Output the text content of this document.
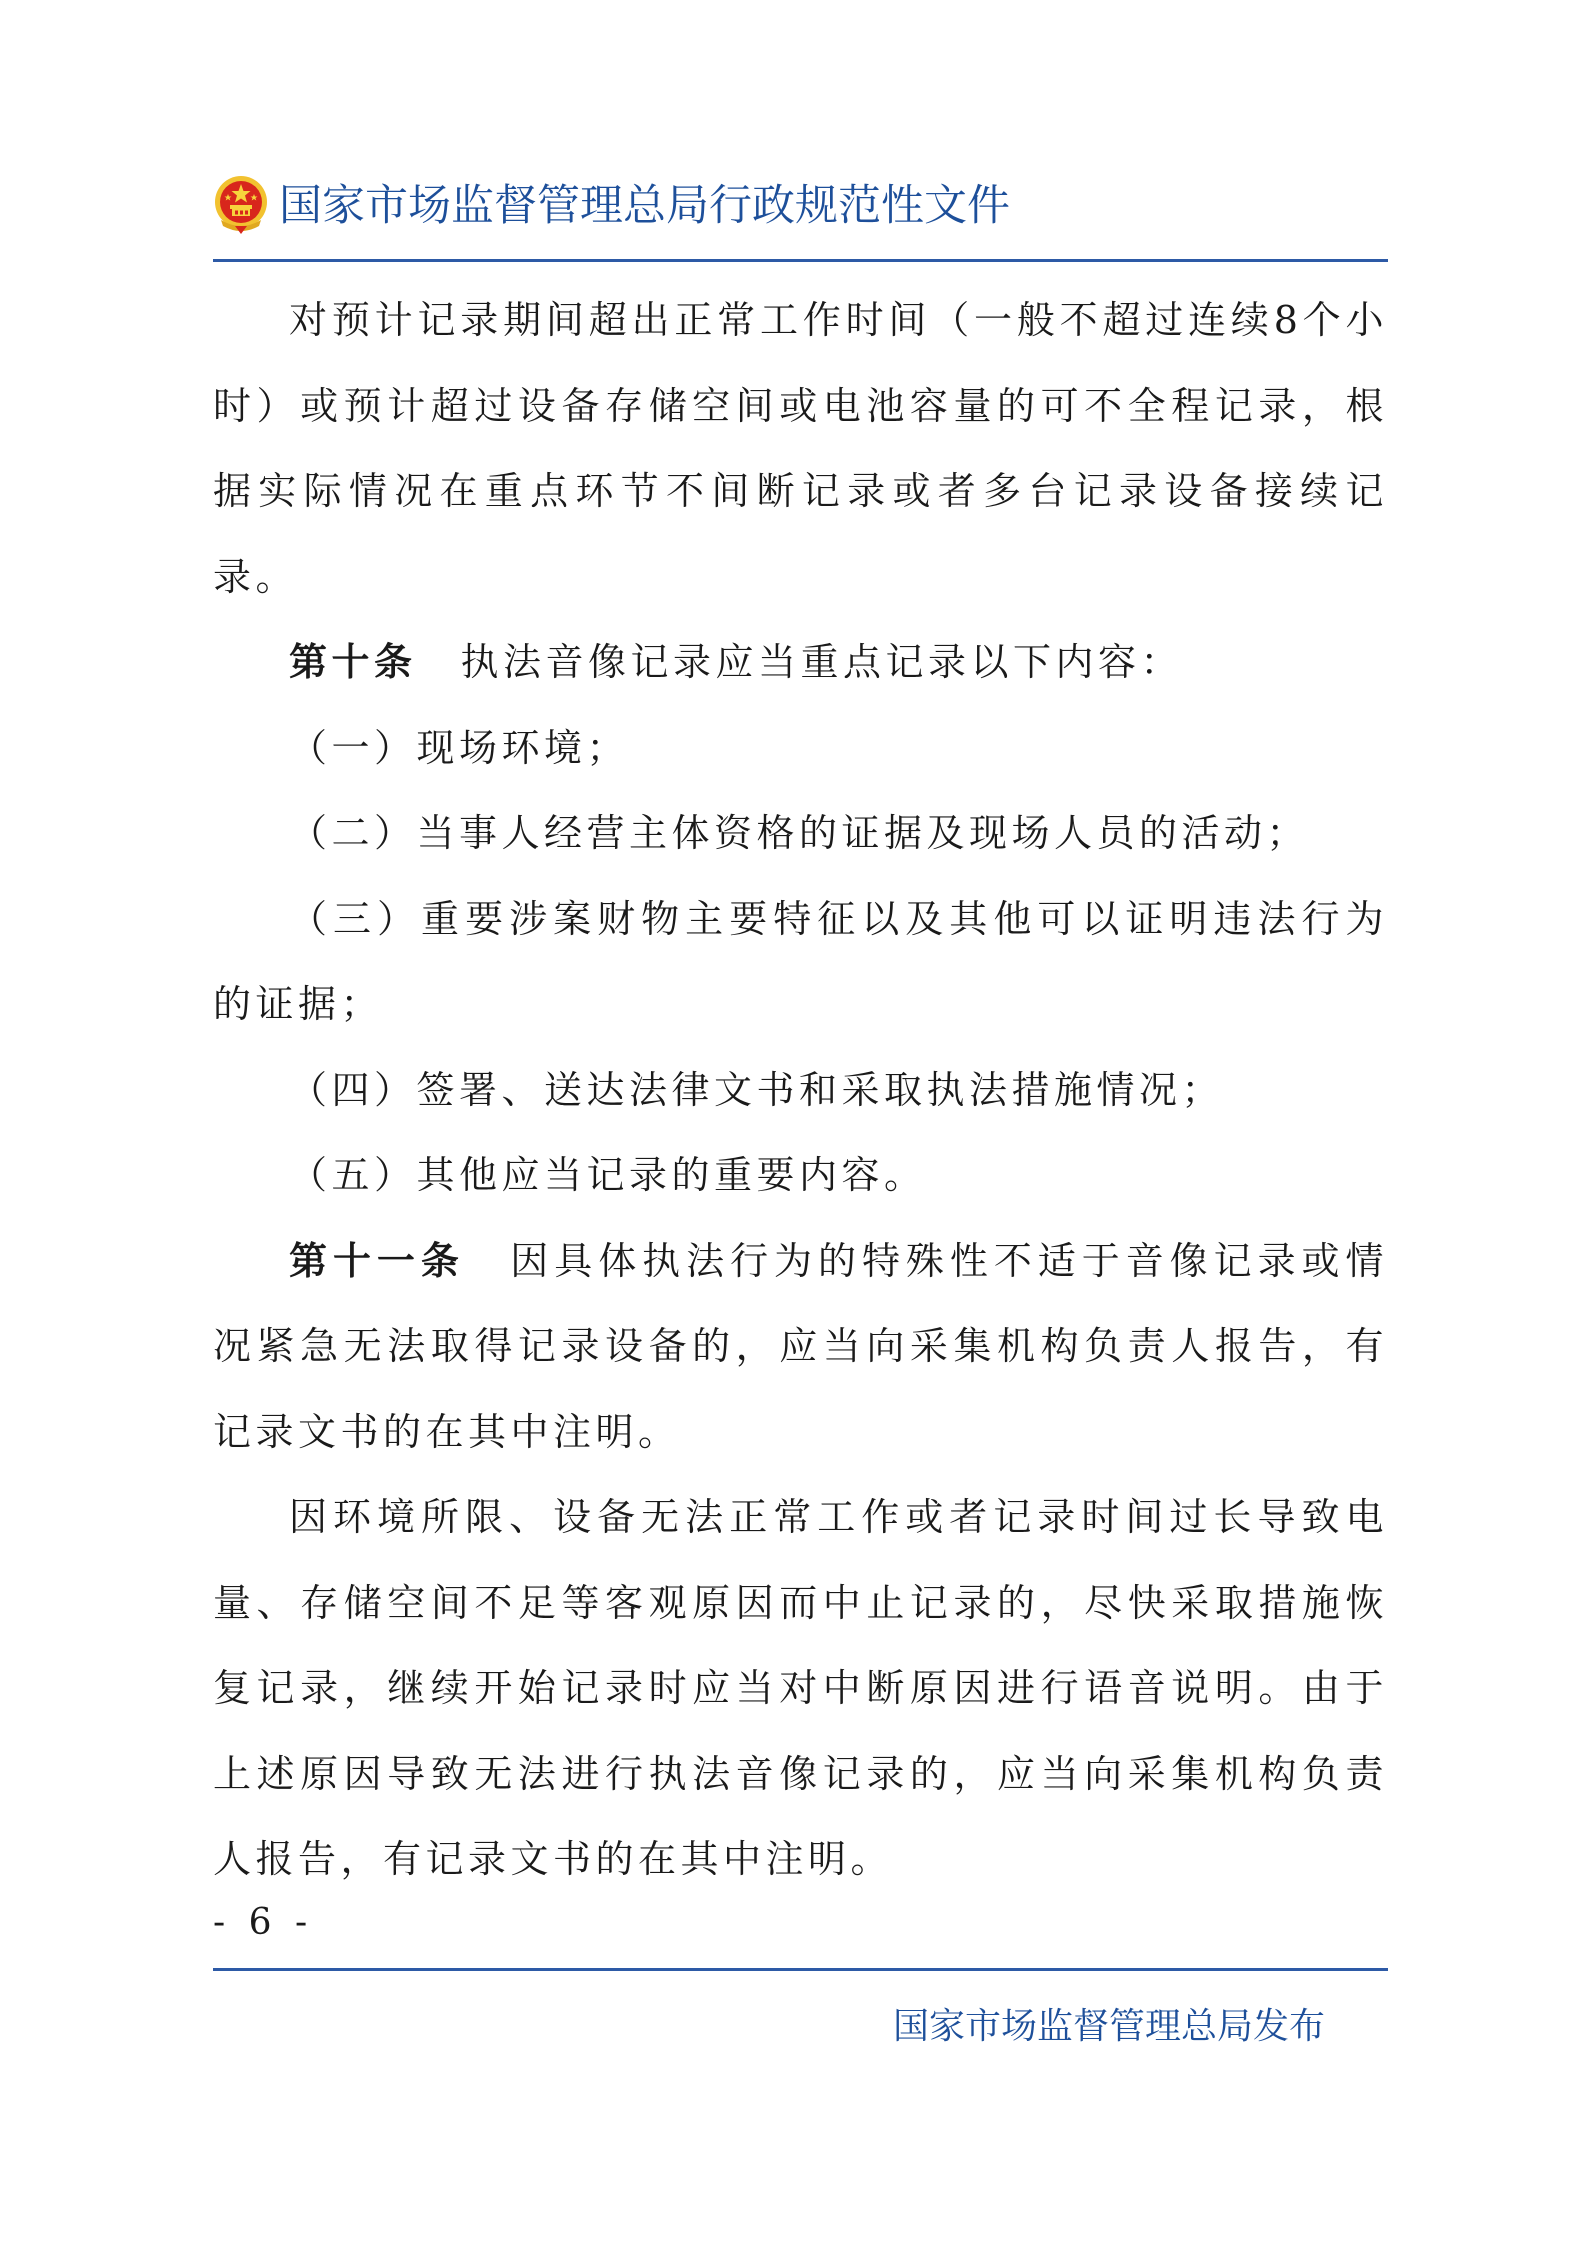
国家市场监督管理总局行政规范性文件

对预计记录期间超出正常工作时间（一般不超过连续8个小时）或预计超过设备存储空间或电池容量的可不全程记录，根据实际情况在重点环节不间断记录或者多台记录设备接续记录。

第十条 执法音像记录应当重点记录以下内容：

（一）现场环境；

（二）当事人经营主体资格的证据及现场人员的活动；

（三）重要涉案财物主要特征以及其他可以证明违法行为的证据；

（四）签署、送达法律文书和采取执法措施情况；

（五）其他应当记录的重要内容。

第十一条 因具体执法行为的特殊性不适于音像记录或情况紧急无法取得记录设备的，应当向采集机构负责人报告，有记录文书的在其中注明。

因环境所限、设备无法正常工作或者记录时间过长导致电量、存储空间不足等客观原因而中止记录的，尽快采取措施恢复记录，继续开始记录时应当对中断原因进行语音说明。由于上述原因导致无法进行执法音像记录的，应当向采集机构负责人报告，有记录文书的在其中注明。

- 6 -
国家市场监督管理总局发布
